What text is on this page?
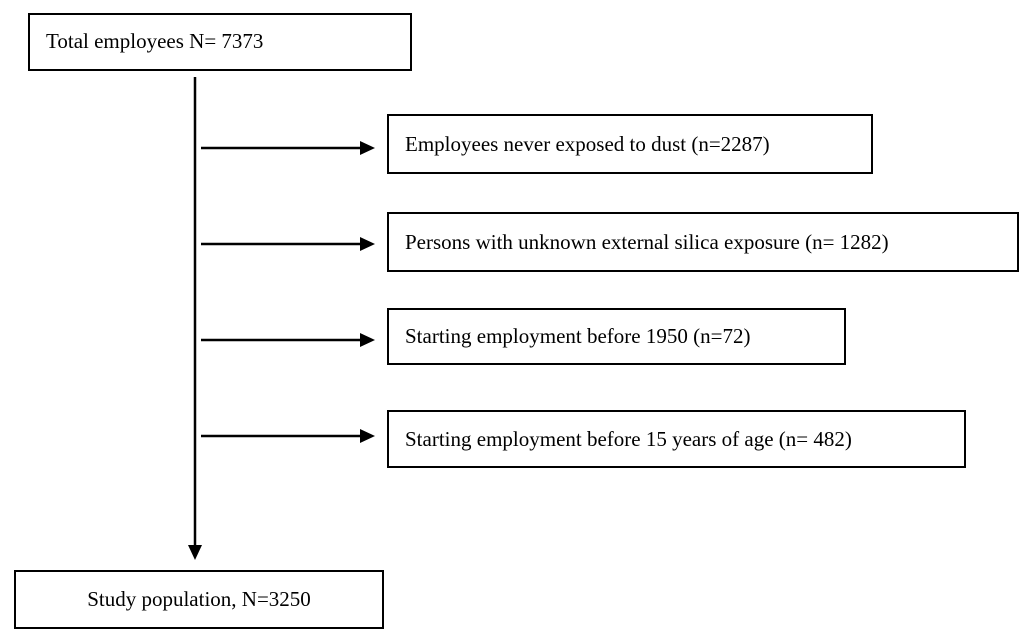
Total employees N= 7373
Employees never exposed to dust (n=2287)
Persons with unknown external silica exposure (n= 1282)
Starting employment before 1950 (n=72)
Starting employment before 15 years of age (n= 482)
Study population, N=3250
